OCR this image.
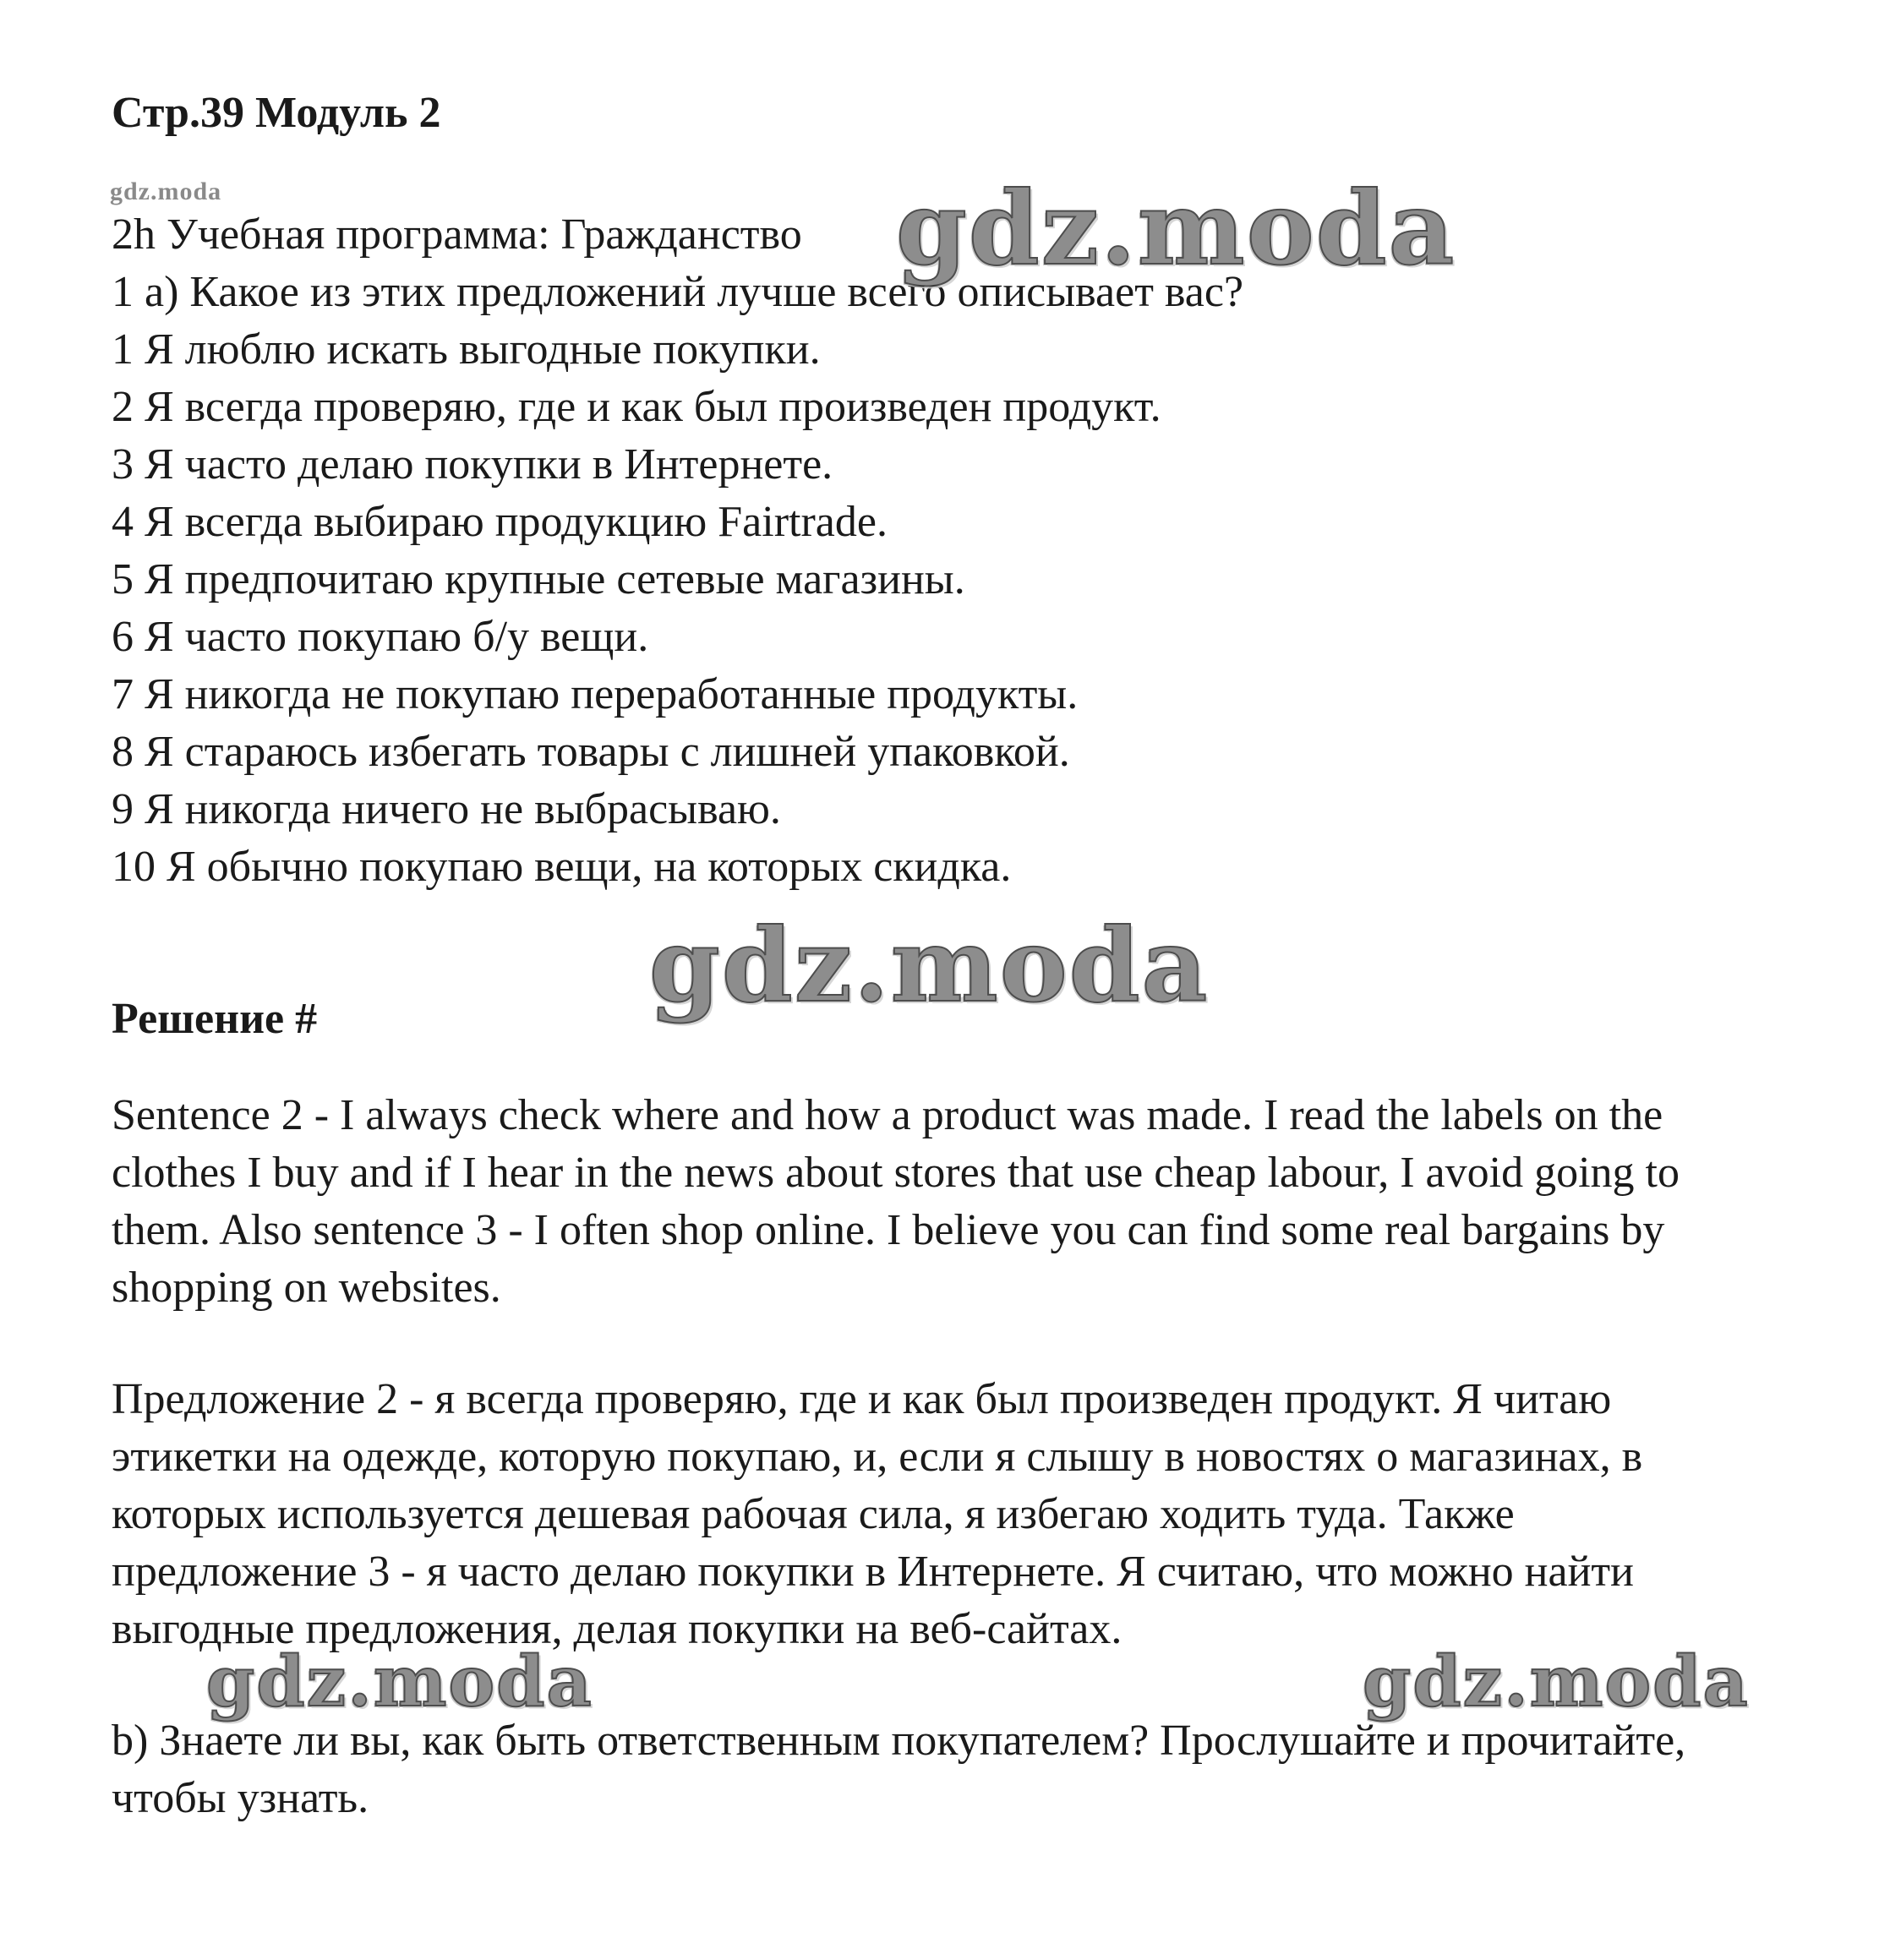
Стр.39 Модуль 2
gdz.moda

2h Учебная программа: Гражданство

1 а) Какое из этих предложений лучше всего описывает вас?

1 Я люблю искать выгодные покупки.

2 Я всегда проверяю, где и как был произведен продукт.

3 Я часто делаю покупки в Интернете.

4 Я всегда выбираю продукцию Fairtrade.

5 Я предпочитаю крупные сетевые магазины.

6 Я часто покупаю б/у вещи.

7 Я никогда не покупаю переработанные продукты.

8 Я стараюсь избегать товары с лишней упаковкой.

9 Я никогда ничего не выбрасываю.

10 Я обычно покупаю вещи, на которых скидка.

Решение #

Sentence 2 - I always check where and how a product was made. I read the labels on the clothes I buy and if I hear in the news about stores that use cheap labour, I avoid going to them. Also sentence 3 - I often shop online. I believe you can find some real bargains by shopping on websites.

Предложение 2 - я всегда проверяю, где и как был произведен продукт. Я читаю этикетки на одежде, которую покупаю, и, если я слышу в новостях о магазинах, в которых используется дешевая рабочая сила, я избегаю ходить туда. Также предложение 3 - я часто делаю покупки в Интернете. Я считаю, что можно найти выгодные предложения, делая покупки на веб-сайтах.

b) Знаете ли вы, как быть ответственным покупателем? Прослушайте и прочитайте, чтобы узнать.

gdz.moda
gdz.moda
gdz.moda	gdz.moda
